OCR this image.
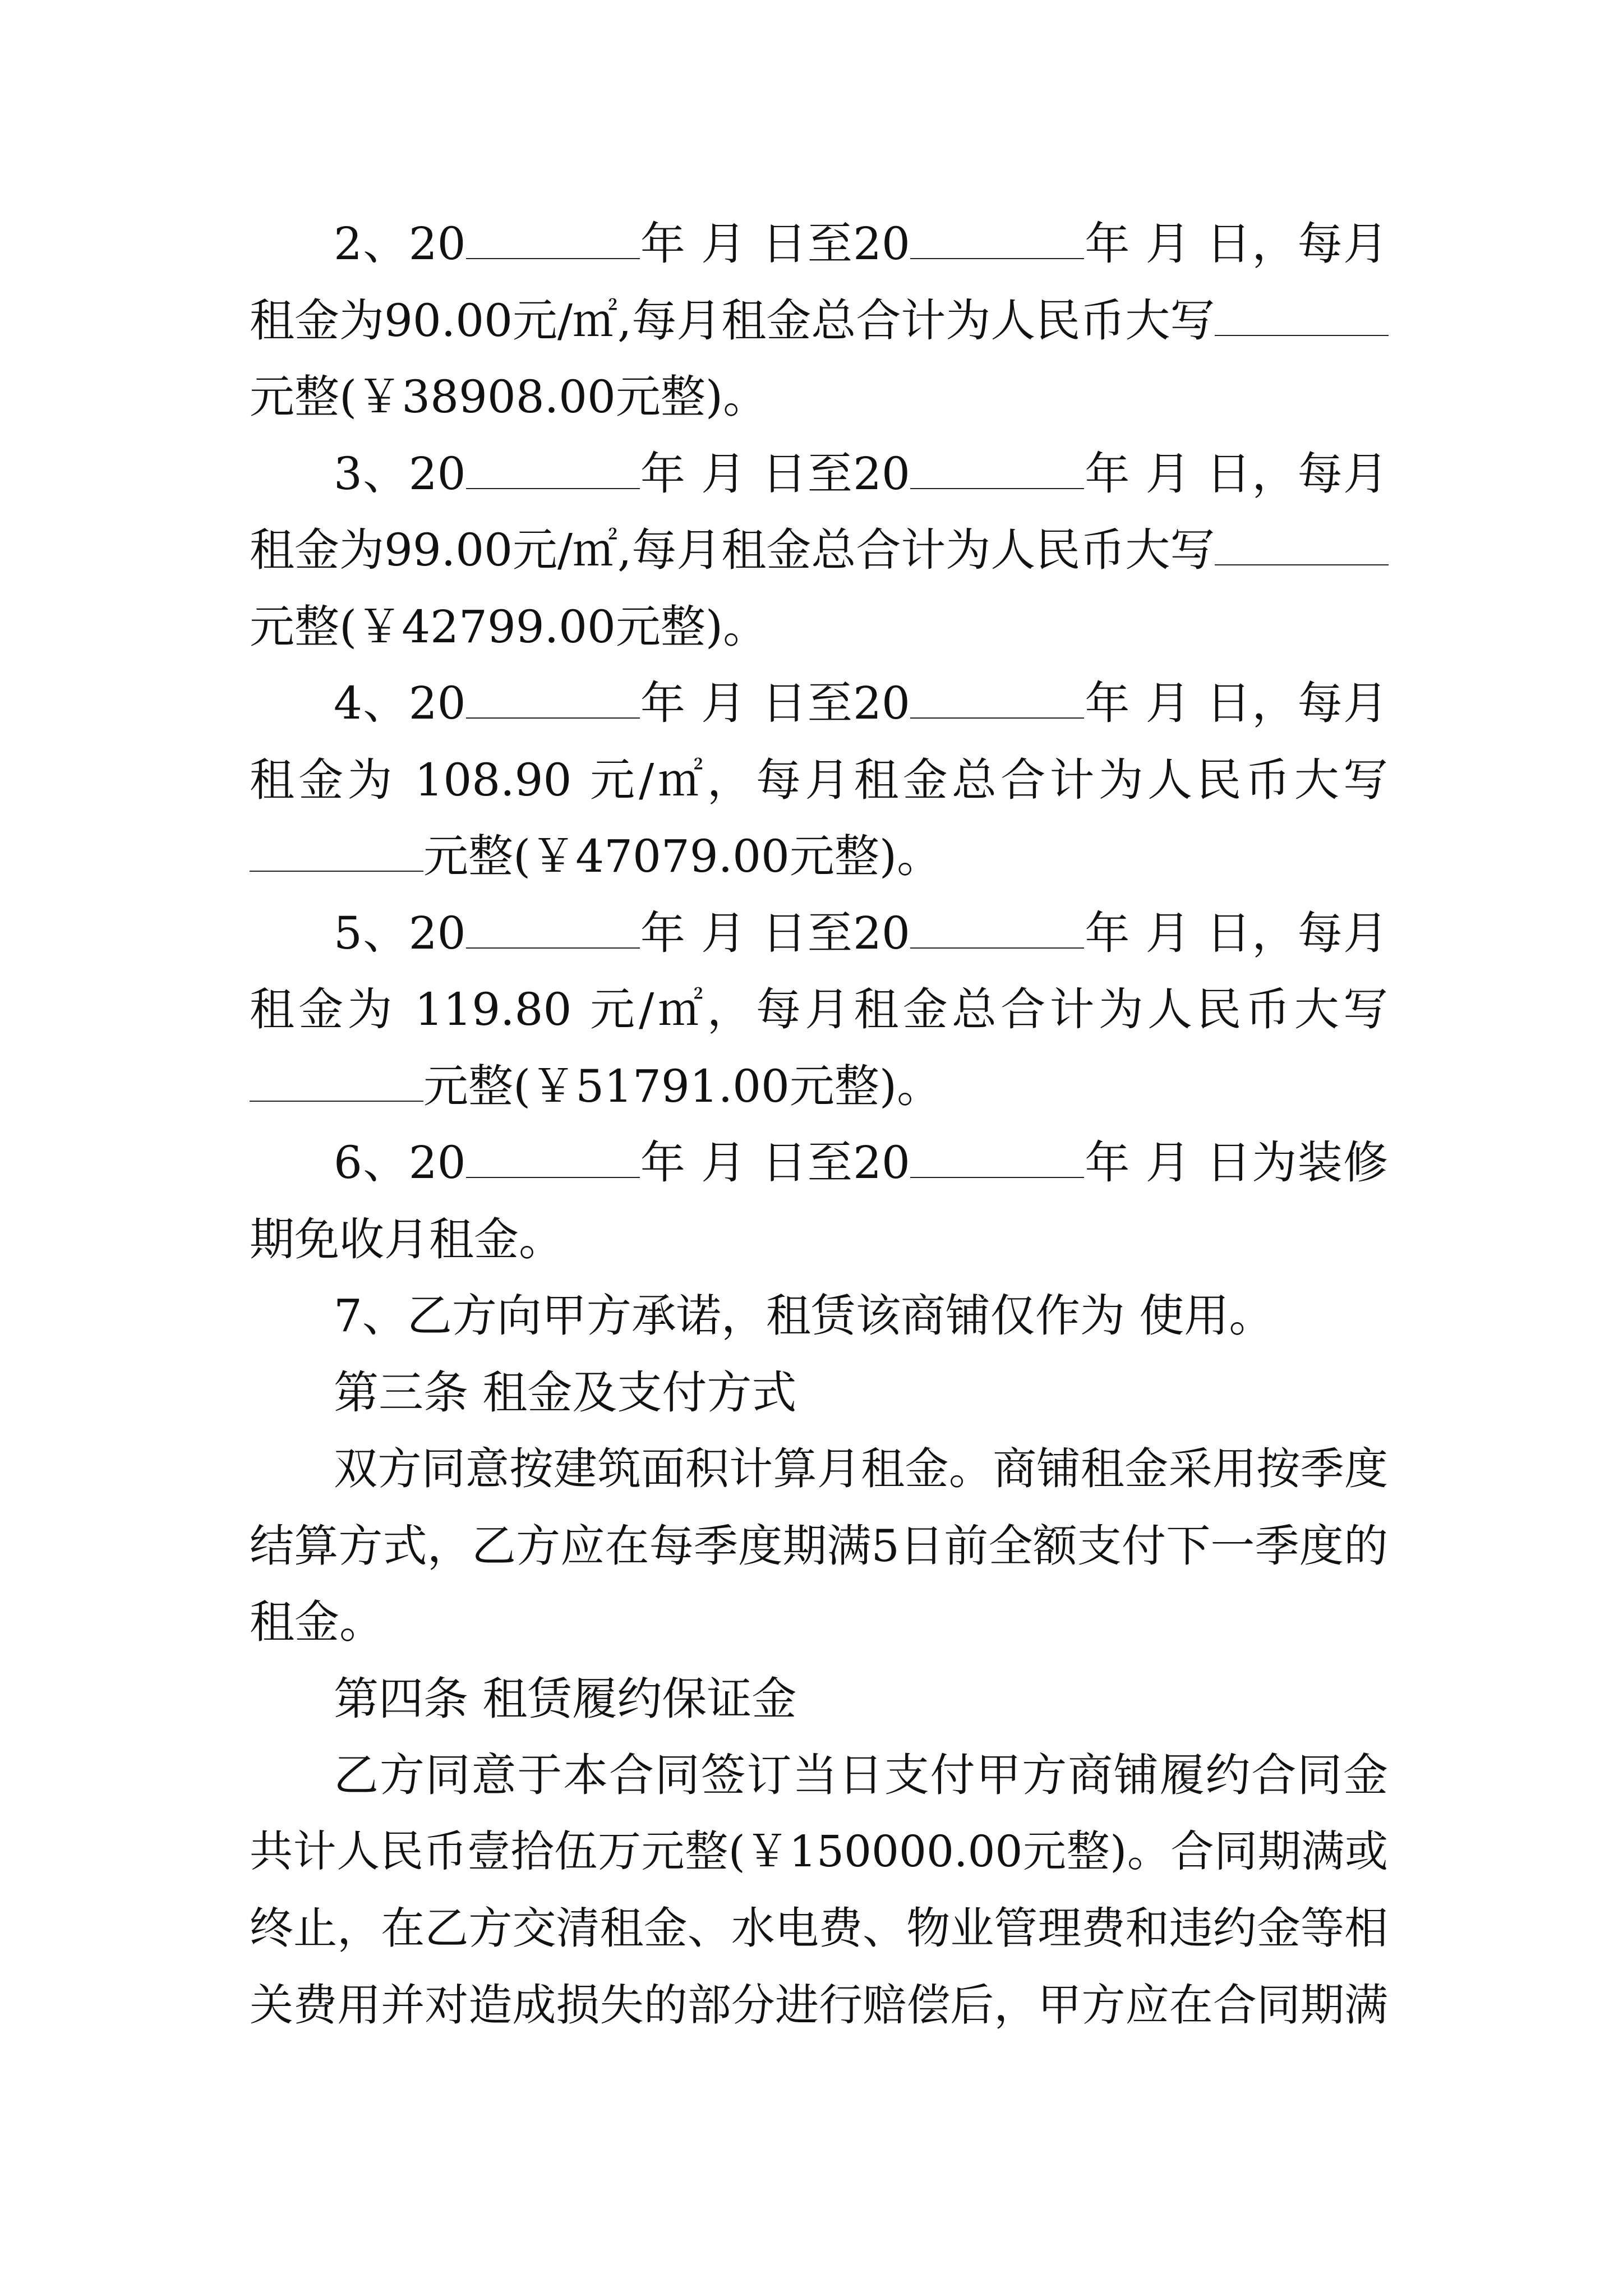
2、20	年 月 日至20	年 月 日，每月
租金为90.00元/㎡,每月租金总合计为人民币大写
元整(￥38908.00元整)。
3、20	年 月 日至20	年 月 日，每月
租金为99.00元/㎡,每月租金总合计为人民币大写
元整(￥42799.00元整)。
4、20	年 月 日至20	年 月 日，每月
租金为 108.90 元/㎡，每月租金总合计为人民币大写
元整(￥47079.00元整)。
5、20	年 月 日至20	年 月 日，每月
租金为 119.80 元/㎡，每月租金总合计为人民币大写
元整(￥51791.00元整)。
6、20	年 月 日至20	年 月 日为装修
期免收月租金。
7、乙方向甲方承诺，租赁该商铺仅作为 使用。
第三条 租金及支付方式
双方同意按建筑面积计算月租金。商铺租金采用按季度
结算方式，乙方应在每季度期满5日前全额支付下一季度的
租金。
第四条 租赁履约保证金
乙方同意于本合同签订当日支付甲方商铺履约合同金
共计人民币壹拾伍万元整(￥150000.00元整)。合同期满或
终止，在乙方交清租金、水电费、物业管理费和违约金等相
关费用并对造成损失的部分进行赔偿后，甲方应在合同期满
